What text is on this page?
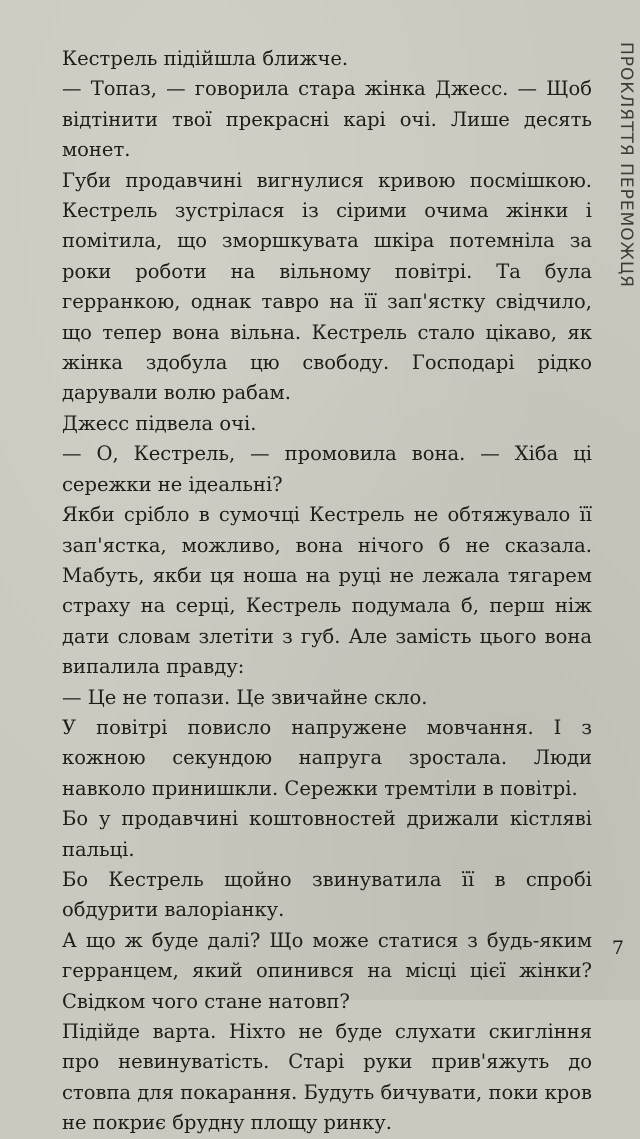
ПРОКЛЯТТЯ ПЕРЕМОЖЦЯ

Кестрель підійшла ближче.

— Топаз, — говорила стара жінка Джесс. — Щоб відтінити твої прекрасні карі очі. Лише десять монет.

Губи продавчині вигнулися кривою посмішкою. Кестрель зустрілася із сірими очима жінки і помітила, що зморшкувата шкіра потемніла за роки роботи на вільному повітрі. Та була герранкою, однак тавро на її зап'ястку свідчило, що тепер вона вільна. Кестрель стало цікаво, як жінка здобула цю свободу. Господарі рідко дарували волю рабам.

Джесс підвела очі.

— О, Кестрель, — промовила вона. — Хіба ці сережки не ідеальні?

Якби срібло в сумочці Кестрель не обтяжувало її зап'ястка, можливо, вона нічого б не сказала. Мабуть, якби ця ноша на руці не лежала тягарем страху на серці, Кестрель подумала б, перш ніж дати словам злетіти з губ. Але замість цього вона випалила правду:

— Це не топази. Це звичайне скло.

У повітрі повисло напружене мовчання. І з кожною секундою напруга зростала. Люди навколо принишкли. Сережки тремтіли в повітрі.

Бо у продавчині коштовностей дрижали кістляві пальці.

Бо Кестрель щойно звинуватила її в спробі обдурити валоріанку.

А що ж буде далі? Що може статися з будь-яким герранцем, який опинився на місці цієї жінки? Свідком чого стане натовп?

Підійде варта. Ніхто не буде слухати скигління про невинуватість. Старі руки прив'яжуть до стовпа для покарання. Будуть бичувати, поки кров не покриє брудну площу ринку.

7
